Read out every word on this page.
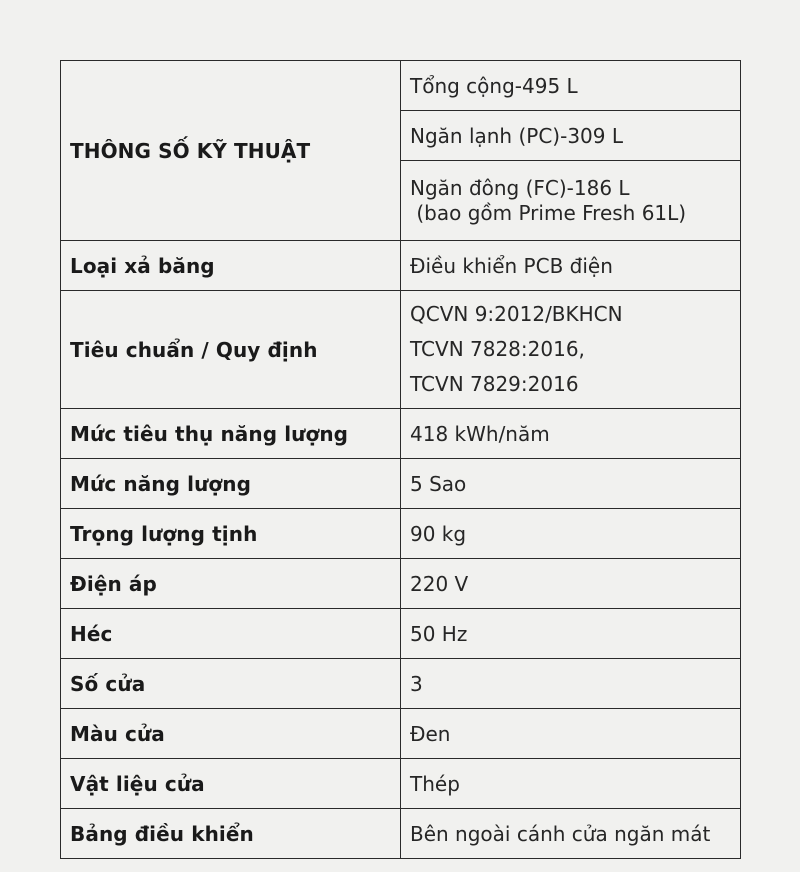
THÔNG SỐ KỸ THUẬT	Tổng cộng-495 L
	Ngăn lạnh (PC)-309 L

	Ngăn đông (FC)-186 L
(bao gồm Prime Fresh 61L)

Loại xả băng	Điều khiển PCB điện
Tiêu chuẩn / Quy định	QCVN 9:2012/BKHCN
TCVN 7828:2016,
TCVN 7829:2016

Mức tiêu thụ năng lượng	418 kWh/năm
Mức năng lượng	5 Sao
Trọng lượng tịnh	90 kg
Điện áp	220 V
Héc	50 Hz
Số cửa	3
Màu cửa	Đen
Vật liệu cửa	Thép
Bảng điều khiển	Bên ngoài cánh cửa ngăn mát
